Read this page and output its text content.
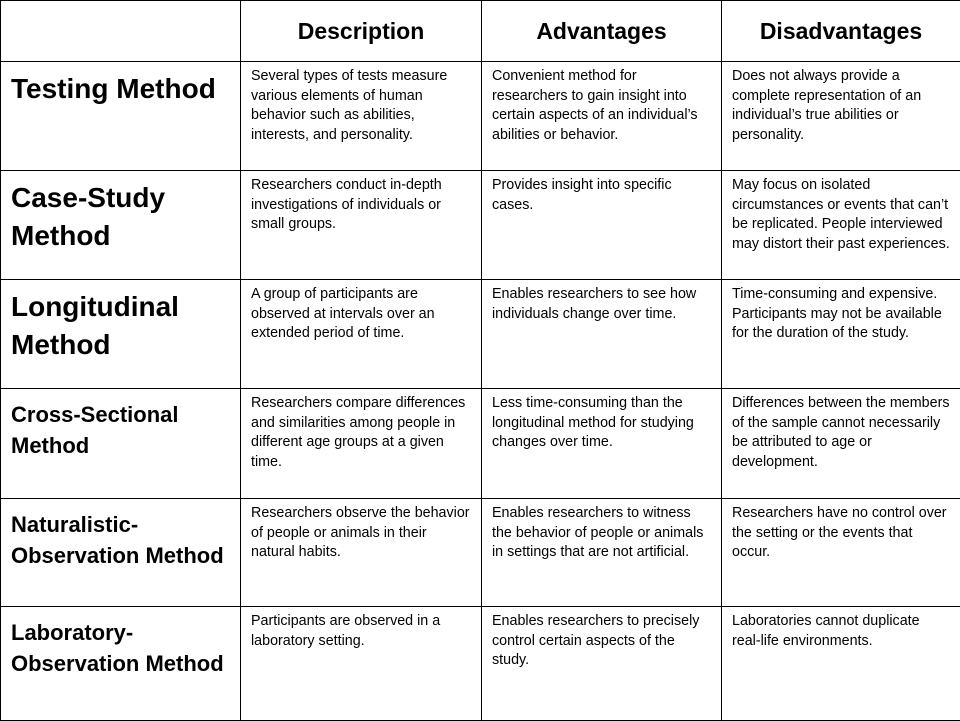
	Description	Advantages	Disadvantages
Testing Method	Several types of tests measure various elements of human behavior such as abilities, interests, and personality.	Convenient method for researchers to gain insight into certain aspects of an individual’s abilities or behavior.	Does not always provide a complete representation of an individual’s true abilities or personality.
Case-Study Method	Researchers conduct in-depth investigations of individuals or small groups.	Provides insight into specific cases.	May focus on isolated circumstances or events that can’t be replicated. People interviewed may distort their past experiences.
Longitudinal Method	A group of participants are observed at intervals over an extended period of time.	Enables researchers to see how individuals change over time.	Time-consuming and expensive. Participants may not be available for the duration of the study.
Cross-Sectional Method	Researchers compare differences and similarities among people in different age groups at a given time.	Less time-consuming than the longitudinal method for studying changes over time.	Differences between the members of the sample cannot necessarily be attributed to age or development.
Naturalistic-Observation Method	Researchers observe the behavior of people or animals in their natural habits.	Enables researchers to witness the behavior of people or animals in settings that are not artificial.	Researchers have no control over the setting or the events that occur.
Laboratory-Observation Method	Participants are observed in a laboratory setting.	Enables researchers to precisely control certain aspects of the study.	Laboratories cannot duplicate real-life environments.
